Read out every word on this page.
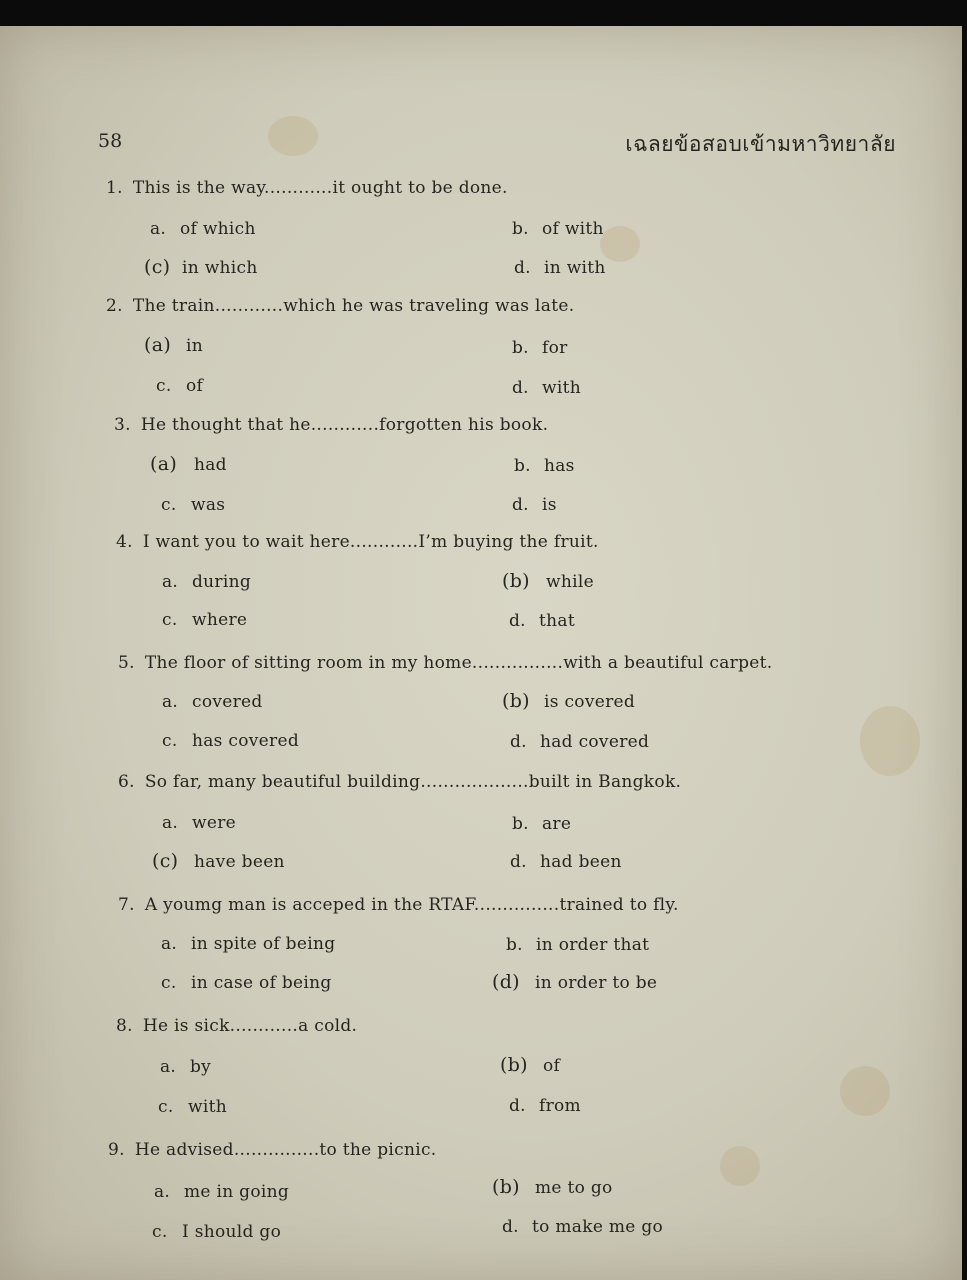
58	เฉลยข้อสอบเข้ามหาวิทยาลัย
1. This is the way............it ought to be done.
a. of which	b. of with
(c) in which	d. in with
2. The train............which he was traveling was late.
(a) in	b. for
c. of	d. with
3. He thought that he............forgotten his book.
(a) had	b. has
c. was	d. is
4. I want you to wait here............I’m buying the fruit.
a. during	(b) while
c. where	d. that
5. The floor of sitting room in my home................with a beautiful carpet.
a. covered	(b) is covered
c. has covered	d. had covered
6. So far, many beautiful building...................built in Bangkok.
a. were	b. are
(c) have been	d. had been
7. A youmg man is acceped in the RTAF...............trained to fly.
a. in spite of being	b. in order that
c. in case of being	(d) in order to be
8. He is sick............a cold.
a. by	(b) of
c. with	d. from
9. He advised...............to the picnic.
a. me in going	(b) me to go
c. I should go	d. to make me go
